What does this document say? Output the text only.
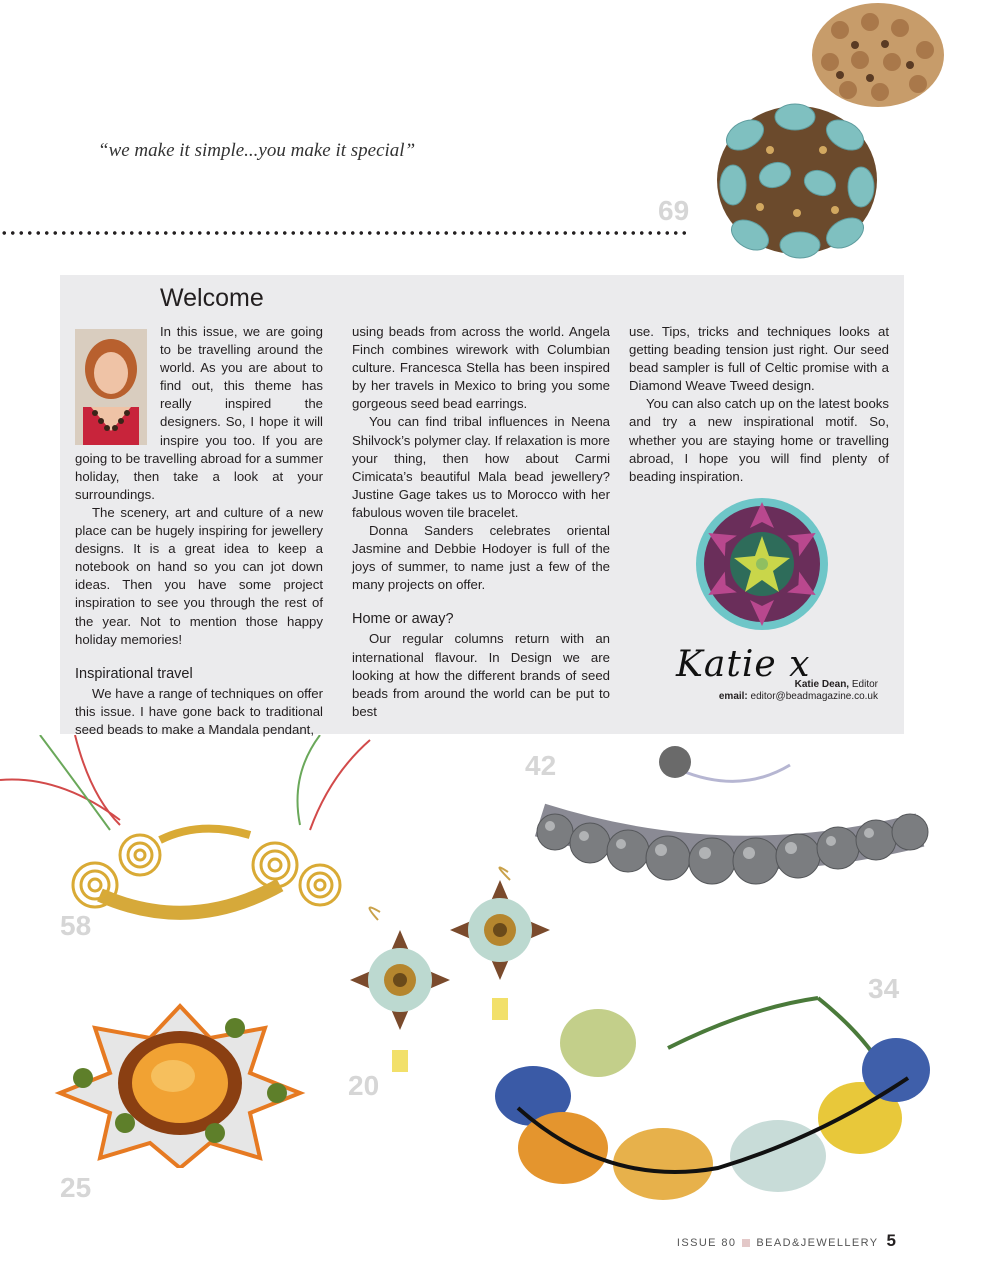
“we make it simple...you make it special”
69
Welcome

In this issue, we are going to be travelling around the world. As you are about to find out, this theme has really inspired the designers. So, I hope it will inspire you too. If you are going to be travelling abroad for a summer holiday, then take a look at your surroundings.

The scenery, art and culture of a new place can be hugely inspiring for jewellery designs. It is a great idea to keep a notebook on hand so you can jot down ideas. Then you have some project inspiration to see you through the rest of the year. Not to mention those happy holiday memories!

Inspirational travel

We have a range of techniques on offer this issue. I have gone back to traditional seed beads to make a Mandala pendant,

using beads from across the world. Angela Finch combines wirework with Columbian culture. Francesca Stella has been inspired by her travels in Mexico to bring you some gorgeous seed bead earrings.

You can find tribal influences in Neena Shilvock’s polymer clay. If relaxation is more your thing, then how about Carmi Cimicata’s beautiful Mala bead jewellery? Justine Gage takes us to Morocco with her fabulous woven tile bracelet.

Donna Sanders celebrates oriental Jasmine and Debbie Hodoyer is full of the joys of summer, to name just a few of the many projects on offer.

Home or away?

Our regular columns return with an international flavour. In Design we are looking at how the different brands of seed beads from around the world can be put to best

use. Tips, tricks and techniques looks at getting beading tension just right. Our seed bead sampler is full of Celtic promise with a Diamond Weave Tweed design.

You can also catch up on the latest books and try a new inspirational motif. So, whether you are staying home or travelling abroad, I hope you will find plenty of beading inspiration.

Katie x
Katie Dean, Editor
email: editor@beadmagazine.co.uk
58
42
20
34
25
ISSUE 80 BEAD&JEWELLERY 5
